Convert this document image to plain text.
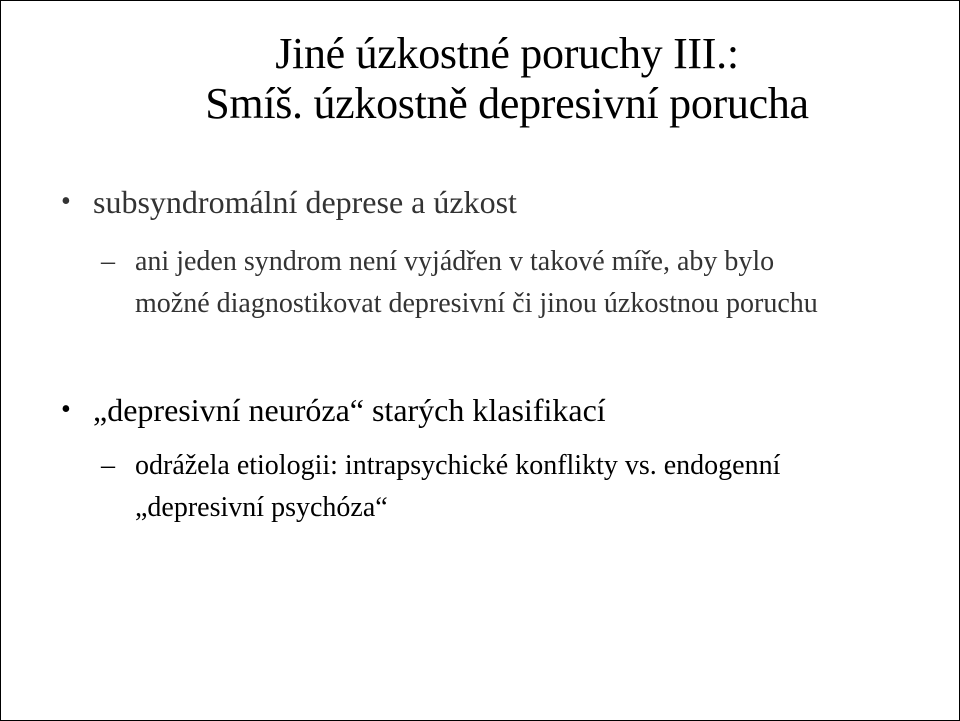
Jiné úzkostné poruchy III.:
Smíš. úzkostně depresivní porucha
• subsyndromální deprese a úzkost
– ani jeden syndrom není vyjádřen v takové míře, aby bylo možné diagnostikovat depresivní či jinou úzkostnou poruchu
• „depresivní neuróza“ starých klasifikací
– odrážela etiologii: intrapsychické konflikty vs. endogenní „depresivní psychóza“
